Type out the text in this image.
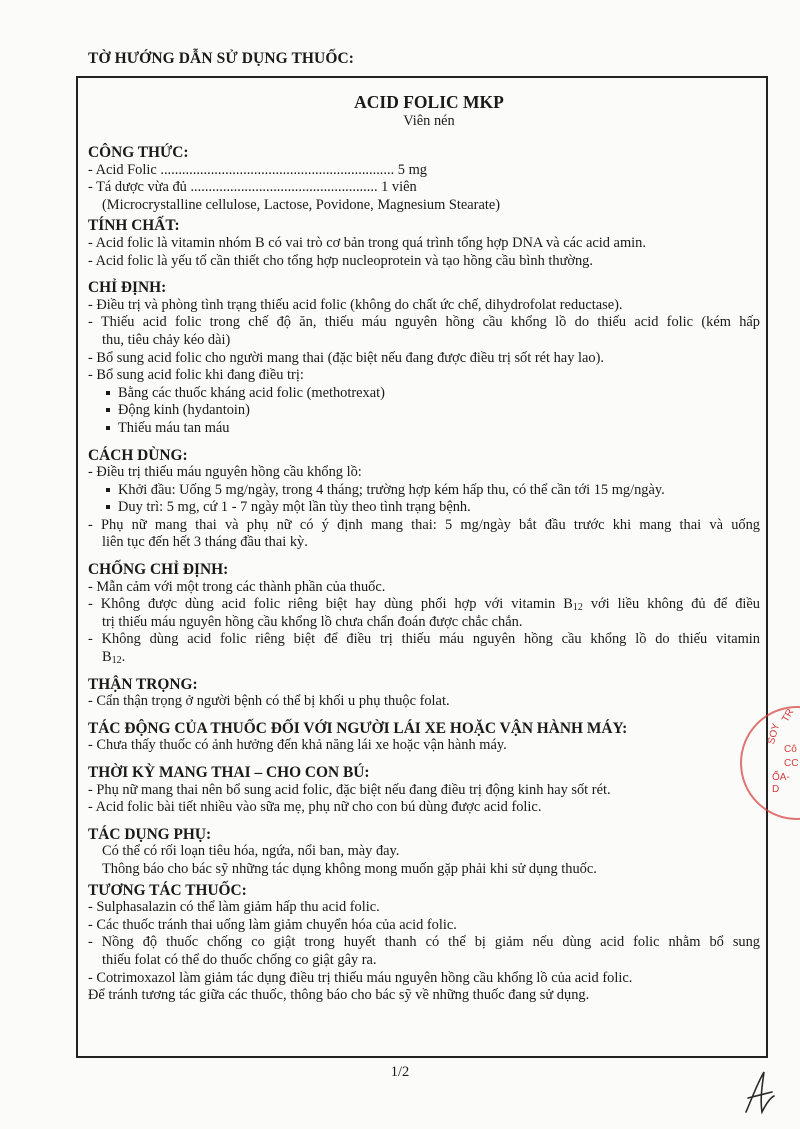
TỜ HƯỚNG DẪN SỬ DỤNG THUỐC:
ACID FOLIC MKP
Viên nén
CÔNG THỨC:
- Acid Folic ................................................................. 5 mg
- Tá dược vừa đủ .................................................... 1 viên
(Microcrystalline cellulose, Lactose, Povidone, Magnesium Stearate)
TÍNH CHẤT:
- Acid folic là vitamin nhóm B có vai trò cơ bản trong quá trình tổng hợp DNA và các acid amin.
- Acid folic là yếu tố cần thiết cho tổng hợp nucleoprotein và tạo hồng cầu bình thường.
CHỈ ĐỊNH:
- Điều trị và phòng tình trạng thiếu acid folic (không do chất ức chế, dihydrofolat reductase).
- Thiếu acid folic trong chế độ ăn, thiếu máu nguyên hồng cầu khổng lồ do thiếu acid folic (kém hấp
thu, tiêu chảy kéo dài)
- Bổ sung acid folic cho người mang thai (đặc biệt nếu đang được điều trị sốt rét hay lao).
- Bổ sung acid folic khi đang điều trị:
Bằng các thuốc kháng acid folic (methotrexat)
Động kinh (hydantoin)
Thiếu máu tan máu
CÁCH DÙNG:
- Điều trị thiếu máu nguyên hồng cầu khổng lồ:
Khởi đầu: Uống 5 mg/ngày, trong 4 tháng; trường hợp kém hấp thu, có thể cần tới 15 mg/ngày.
Duy trì: 5 mg, cứ 1 - 7 ngày một lần tùy theo tình trạng bệnh.
- Phụ nữ mang thai và phụ nữ có ý định mang thai: 5 mg/ngày bắt đầu trước khi mang thai và uống
liên tục đến hết 3 tháng đầu thai kỳ.
CHỐNG CHỈ ĐỊNH:
- Mẫn cảm với một trong các thành phần của thuốc.
- Không được dùng acid folic riêng biệt hay dùng phối hợp với vitamin $B_{12}$ với liều không đủ để điều
trị thiếu máu nguyên hồng cầu khổng lồ chưa chẩn đoán được chắc chắn.
- Không dùng acid folic riêng biệt để điều trị thiếu máu nguyên hồng cầu khổng lồ do thiếu vitamin
$B_{12}$.
THẬN TRỌNG:
- Cẩn thận trọng ở người bệnh có thể bị khối u phụ thuộc folat.
TÁC ĐỘNG CỦA THUỐC ĐỐI VỚI NGƯỜI LÁI XE HOẶC VẬN HÀNH MÁY:
- Chưa thấy thuốc có ảnh hưởng đến khả năng lái xe hoặc vận hành máy.
THỜI KỲ MANG THAI – CHO CON BÚ:
- Phụ nữ mang thai nên bổ sung acid folic, đặc biệt nếu đang điều trị động kinh hay sốt rét.
- Acid folic bài tiết nhiều vào sữa mẹ, phụ nữ cho con bú dùng được acid folic.
TÁC DỤNG PHỤ:
Có thể có rối loạn tiêu hóa, ngứa, nổi ban, mày đay.
Thông báo cho bác sỹ những tác dụng không mong muốn gặp phải khi sử dụng thuốc.
TƯƠNG TÁC THUỐC:
- Sulphasalazin có thể làm giảm hấp thu acid folic.
- Các thuốc tránh thai uống làm giảm chuyển hóa của acid folic.
- Nồng độ thuốc chống co giật trong huyết thanh có thể bị giảm nếu dùng acid folic nhằm bổ sung
thiếu folat có thể do thuốc chống co giật gây ra.
- Cotrimoxazol làm giảm tác dụng điều trị thiếu máu nguyên hồng cầu khổng lồ của acid folic.
Để tránh tương tác giữa các thuốc, thông báo cho bác sỹ về những thuốc đang sử dụng.
1/2
TR
SOY
Cô
CC
ỔA-D
